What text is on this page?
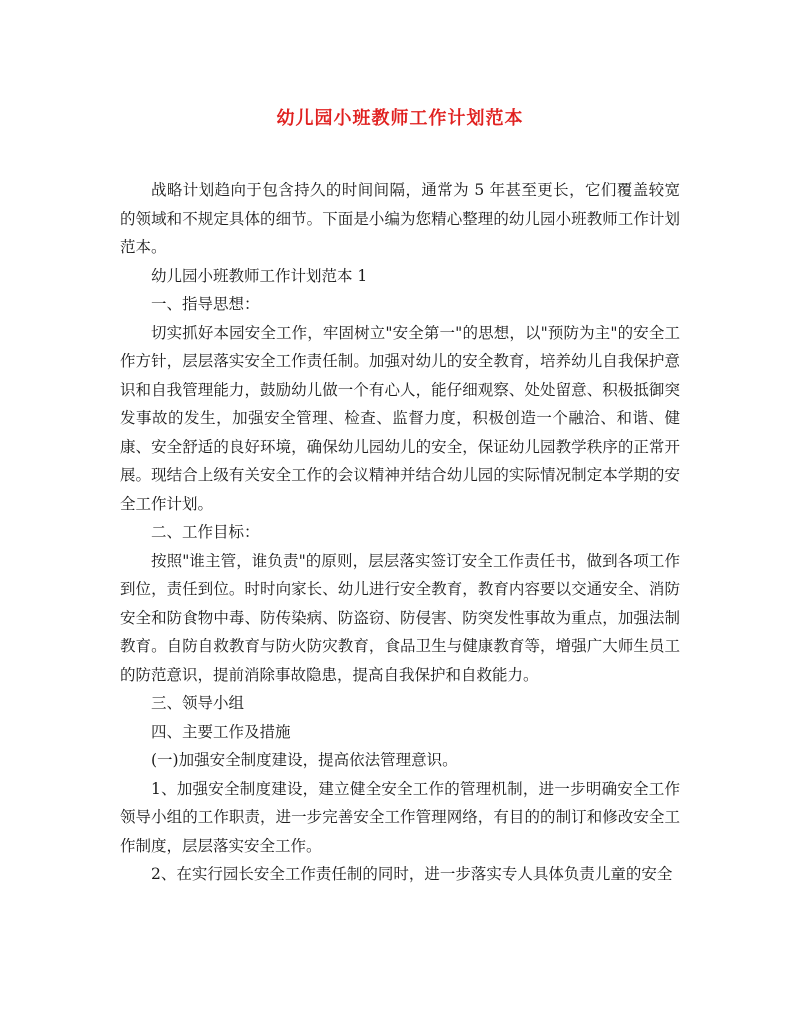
幼儿园小班教师工作计划范本

战略计划趋向于包含持久的时间间隔，通常为 5 年甚至更长，它们覆盖较宽的领域和不规定具体的细节。下面是小编为您精心整理的幼儿园小班教师工作计划范本。

幼儿园小班教师工作计划范本 1

一、指导思想：

切实抓好本园安全工作，牢固树立"安全第一"的思想，以"预防为主"的安全工作方针，层层落实安全工作责任制。加强对幼儿的安全教育，培养幼儿自我保护意识和自我管理能力，鼓励幼儿做一个有心人，能仔细观察、处处留意、积极抵御突发事故的发生，加强安全管理、检查、监督力度，积极创造一个融洽、和谐、健康、安全舒适的良好环境，确保幼儿园幼儿的安全，保证幼儿园教学秩序的正常开展。现结合上级有关安全工作的会议精神并结合幼儿园的实际情况制定本学期的安全工作计划。

二、工作目标：

按照"谁主管，谁负责"的原则，层层落实签订安全工作责任书，做到各项工作到位，责任到位。时时向家长、幼儿进行安全教育，教育内容要以交通安全、消防安全和防食物中毒、防传染病、防盗窃、防侵害、防突发性事故为重点，加强法制教育。自防自救教育与防火防灾教育，食品卫生与健康教育等，增强广大师生员工的防范意识，提前消除事故隐患，提高自我保护和自救能力。

三、领导小组

四、主要工作及措施

(一)加强安全制度建设，提高依法管理意识。

1、加强安全制度建设，建立健全安全工作的管理机制，进一步明确安全工作领导小组的工作职责，进一步完善安全工作管理网络，有目的的制订和修改安全工作制度，层层落实安全工作。

2、在实行园长安全工作责任制的同时，进一步落实专人具体负责儿童的安全
